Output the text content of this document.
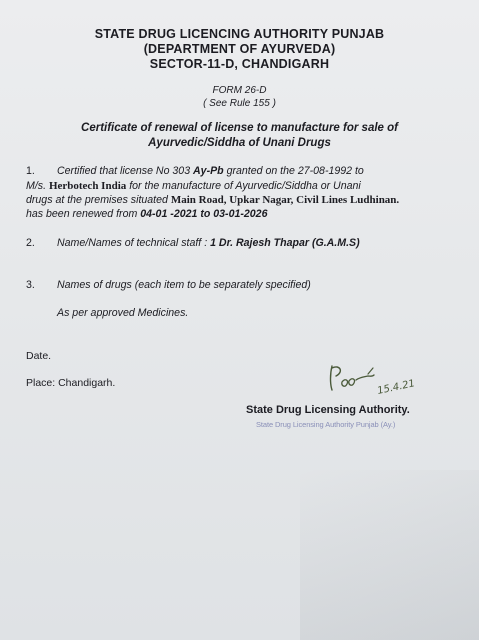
STATE DRUG LICENCING AUTHORITY PUNJAB
(DEPARTMENT OF AYURVEDA)
SECTOR-11-D, CHANDIGARH
FORM 26-D
( See Rule 155 )
Certificate of renewal of license to manufacture for sale of
Ayurvedic/Siddha of Unani Drugs
1. Certified that license No 303 Ay-Pb granted on the 27-08-1992 to
M/s. Herbotech India for the manufacture of Ayurvedic/Siddha or Unani
drugs at the premises situated Main Road, Upkar Nagar, Civil Lines Ludhinan.
has been renewed from 04-01 -2021 to 03-01-2026
2. Name/Names of technical staff : 1 Dr. Rajesh Thapar (G.A.M.S)
3. Names of drugs (each item to be separately specified)
As per approved Medicines.
Date.
Place: Chandigarh.	15.4.21
State Drug Licensing Authority.
State Drug Licensing Authority Punjab (Ay.)
